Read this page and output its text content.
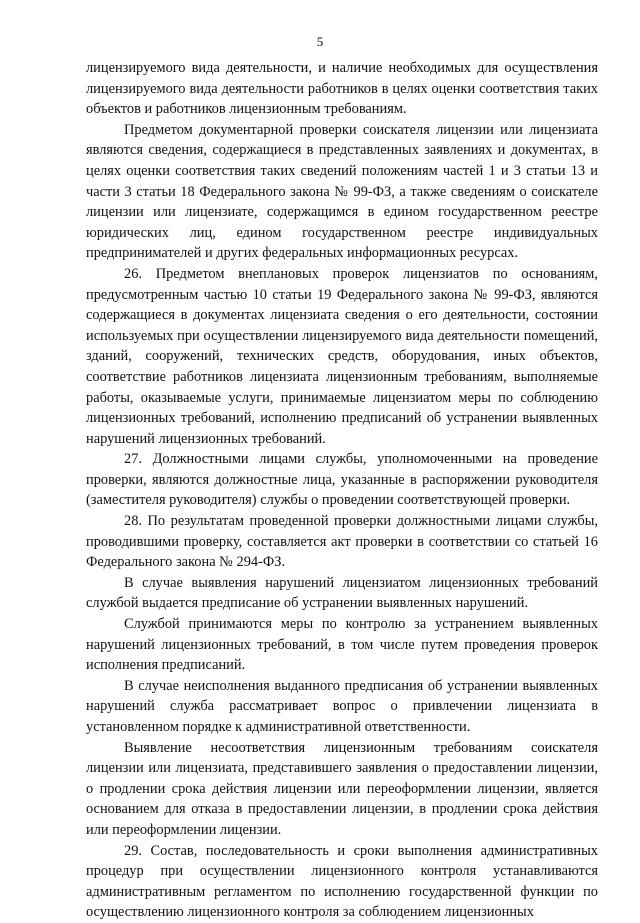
5

лицензируемого вида деятельности, и наличие необходимых для осуществления лицензируемого вида деятельности работников в целях оценки соответствия таких объектов и работников лицензионным требованиям.

Предметом документарной проверки соискателя лицензии или лицензиата являются сведения, содержащиеся в представленных заявлениях и документах, в целях оценки соответствия таких сведений положениям частей 1 и 3 статьи 13 и части 3 статьи 18 Федерального закона № 99-ФЗ, а также сведениям о соискателе лицензии или лицензиате, содержащимся в едином государственном реестре юридических лиц, едином государственном реестре индивидуальных предпринимателей и других федеральных информационных ресурсах.

26. Предметом внеплановых проверок лицензиатов по основаниям, предусмотренным частью 10 статьи 19 Федерального закона № 99-ФЗ, являются содержащиеся в документах лицензиата сведения о его деятельности, состоянии используемых при осуществлении лицензируемого вида деятельности помещений, зданий, сооружений, технических средств, оборудования, иных объектов, соответствие работников лицензиата лицензионным требованиям, выполняемые работы, оказываемые услуги, принимаемые лицензиатом меры по соблюдению лицензионных требований, исполнению предписаний об устранении выявленных нарушений лицензионных требований.

27. Должностными лицами службы, уполномоченными на проведение проверки, являются должностные лица, указанные в распоряжении руководителя (заместителя руководителя) службы о проведении соответствующей проверки.

28. По результатам проведенной проверки должностными лицами службы, проводившими проверку, составляется акт проверки в соответствии со статьей 16 Федерального закона № 294-ФЗ.

В случае выявления нарушений лицензиатом лицензионных требований службой выдается предписание об устранении выявленных нарушений.

Службой принимаются меры по контролю за устранением выявленных нарушений лицензионных требований, в том числе путем проведения проверок исполнения предписаний.

В случае неисполнения выданного предписания об устранении выявленных нарушений служба рассматривает вопрос о привлечении лицензиата в установленном порядке к административной ответственности.

Выявление несоответствия лицензионным требованиям соискателя лицензии или лицензиата, представившего заявления о предоставлении лицензии, о продлении срока действия лицензии или переоформлении лицензии, является основанием для отказа в предоставлении лицензии, в продлении срока действия или переоформлении лицензии.

29. Состав, последовательность и сроки выполнения административных процедур при осуществлении лицензионного контроля устанавливаются административным регламентом по исполнению государственной функции по осуществлению лицензионного контроля за соблюдением лицензионных
